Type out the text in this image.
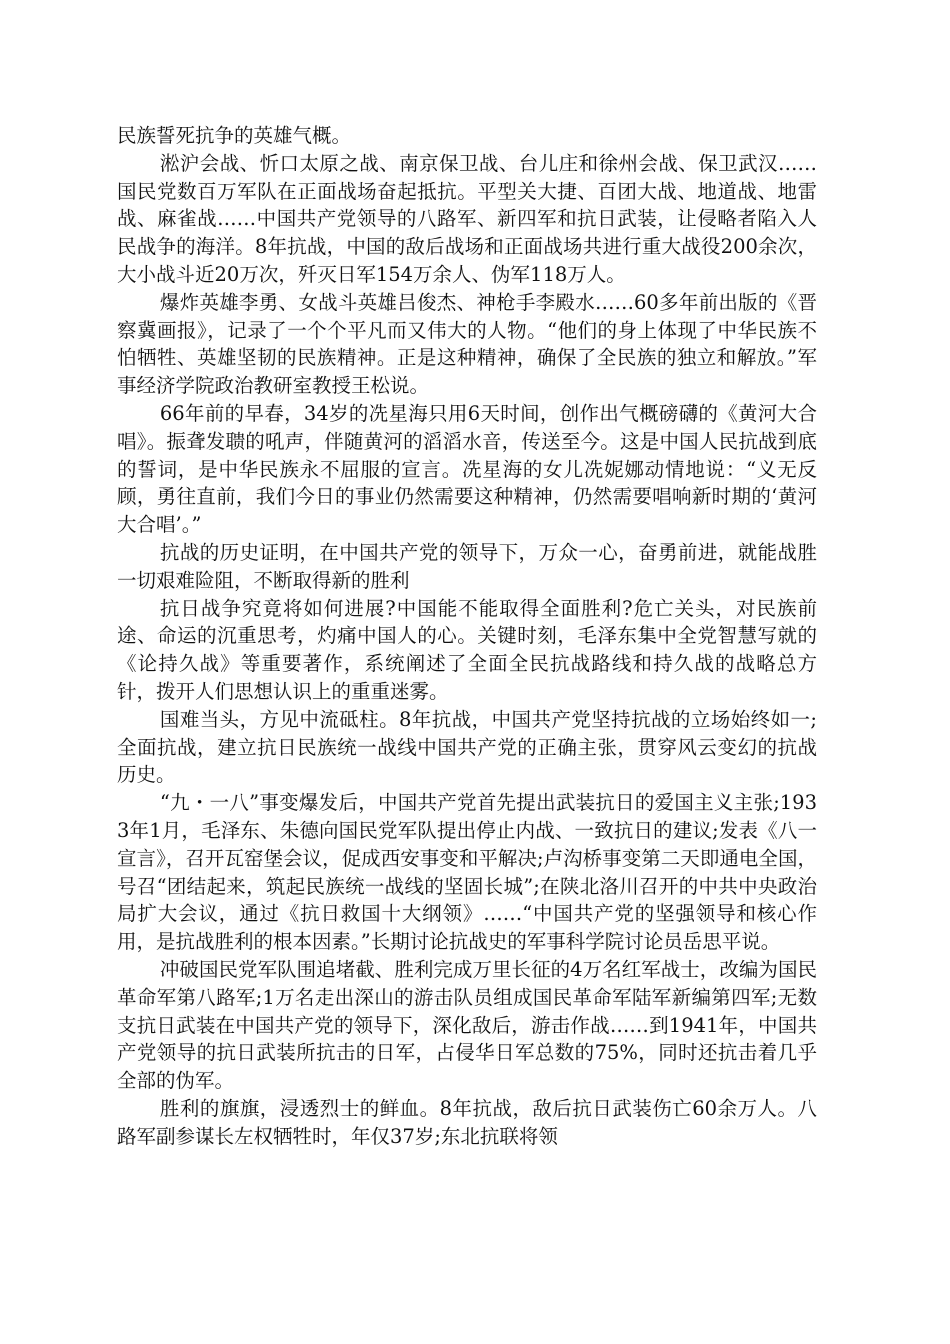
民族誓死抗争的英雄气概。

淞沪会战、忻口太原之战、南京保卫战、台儿庄和徐州会战、保卫武汉……国民党数百万军队在正面战场奋起抵抗。平型关大捷、百团大战、地道战、地雷战、麻雀战……中国共产党领导的八路军、新四军和抗日武装，让侵略者陷入人民战争的海洋。8年抗战，中国的敌后战场和正面战场共进行重大战役200余次，大小战斗近20万次，歼灭日军154万余人、伪军118万人。

爆炸英雄李勇、女战斗英雄吕俊杰、神枪手李殿水……60多年前出版的《晋察冀画报》，记录了一个个平凡而又伟大的人物。“他们的身上体现了中华民族不怕牺牲、英雄坚韧的民族精神。正是这种精神，确保了全民族的独立和解放。”军事经济学院政治教研室教授王松说。

66年前的早春，34岁的冼星海只用6天时间，创作出气概磅礴的《黄河大合唱》。振聋发聩的吼声，伴随黄河的滔滔水音，传送至今。这是中国人民抗战到底的誓词，是中华民族永不屈服的宣言。冼星海的女儿冼妮娜动情地说：“义无反顾，勇往直前，我们今日的事业仍然需要这种精神，仍然需要唱响新时期的‘黄河大合唱’。”

抗战的历史证明，在中国共产党的领导下，万众一心，奋勇前进，就能战胜一切艰难险阻，不断取得新的胜利

抗日战争究竟将如何进展?中国能不能取得全面胜利?危亡关头，对民族前途、命运的沉重思考，灼痛中国人的心。关键时刻，毛泽东集中全党智慧写就的《论持久战》等重要著作，系统阐述了全面全民抗战路线和持久战的战略总方针，拨开人们思想认识上的重重迷雾。

国难当头，方见中流砥柱。8年抗战，中国共产党坚持抗战的立场始终如一;全面抗战，建立抗日民族统一战线中国共产党的正确主张，贯穿风云变幻的抗战历史。

“九・一八”事变爆发后，中国共产党首先提出武装抗日的爱国主义主张;1933年1月，毛泽东、朱德向国民党军队提出停止内战、一致抗日的建议;发表《八一宣言》，召开瓦窑堡会议，促成西安事变和平解决;卢沟桥事变第二天即通电全国，号召“团结起来，筑起民族统一战线的坚固长城”;在陕北洛川召开的中共中央政治局扩大会议，通过《抗日救国十大纲领》……“中国共产党的坚强领导和核心作用，是抗战胜利的根本因素。”长期讨论抗战史的军事科学院讨论员岳思平说。

冲破国民党军队围追堵截、胜利完成万里长征的4万名红军战士，改编为国民革命军第八路军;1万名走出深山的游击队员组成国民革命军陆军新编第四军;无数支抗日武装在中国共产党的领导下，深化敌后，游击作战……到1941年，中国共产党领导的抗日武装所抗击的日军，占侵华日军总数的75%，同时还抗击着几乎全部的伪军。

胜利的旗旗，浸透烈士的鲜血。8年抗战，敌后抗日武装伤亡60余万人。八路军副参谋长左权牺牲时，年仅37岁;东北抗联将领
